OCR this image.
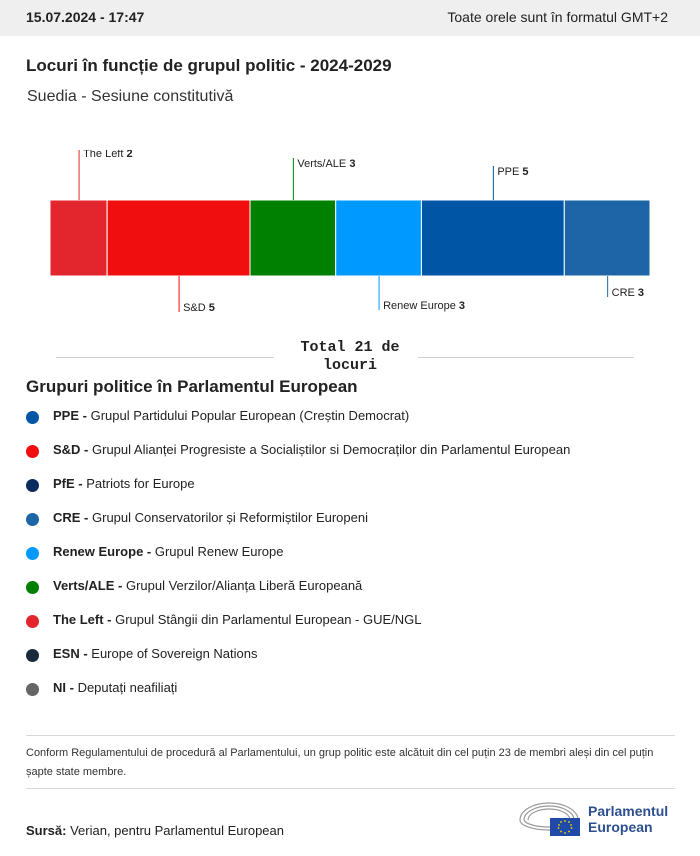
15.07.2024 - 17:47	Toate orele sunt în formatul GMT+2
Locuri în funcție de grupul politic - 2024-2029
Suedia - Sesiune constitutivă
The Left 2
S&D 5
Verts/ALE 3
Renew Europe 3
PPE 5
CRE 3
Total 21 de locuri
Grupuri politice în Parlamentul European
PPE - Grupul Partidului Popular European (Creștin Democrat)
S&D - Grupul Alianței Progresiste a Socialiștilor si Democraților din Parlamentul European
PfE - Patriots for Europe
CRE - Grupul Conservatorilor și Reformiștilor Europeni
Renew Europe - Grupul Renew Europe
Verts/ALE - Grupul Verzilor/Alianța Liberă Europeană
The Left - Grupul Stângii din Parlamentul European - GUE/NGL
ESN - Europe of Sovereign Nations
NI - Deputați neafiliați
Conform Regulamentului de procedură al Parlamentului, un grup politic este alcătuit din cel puțin 23 de membri aleși din cel puțin șapte state membre.
Sursă: Verian, pentru Parlamentul European
Parlamentul
European
